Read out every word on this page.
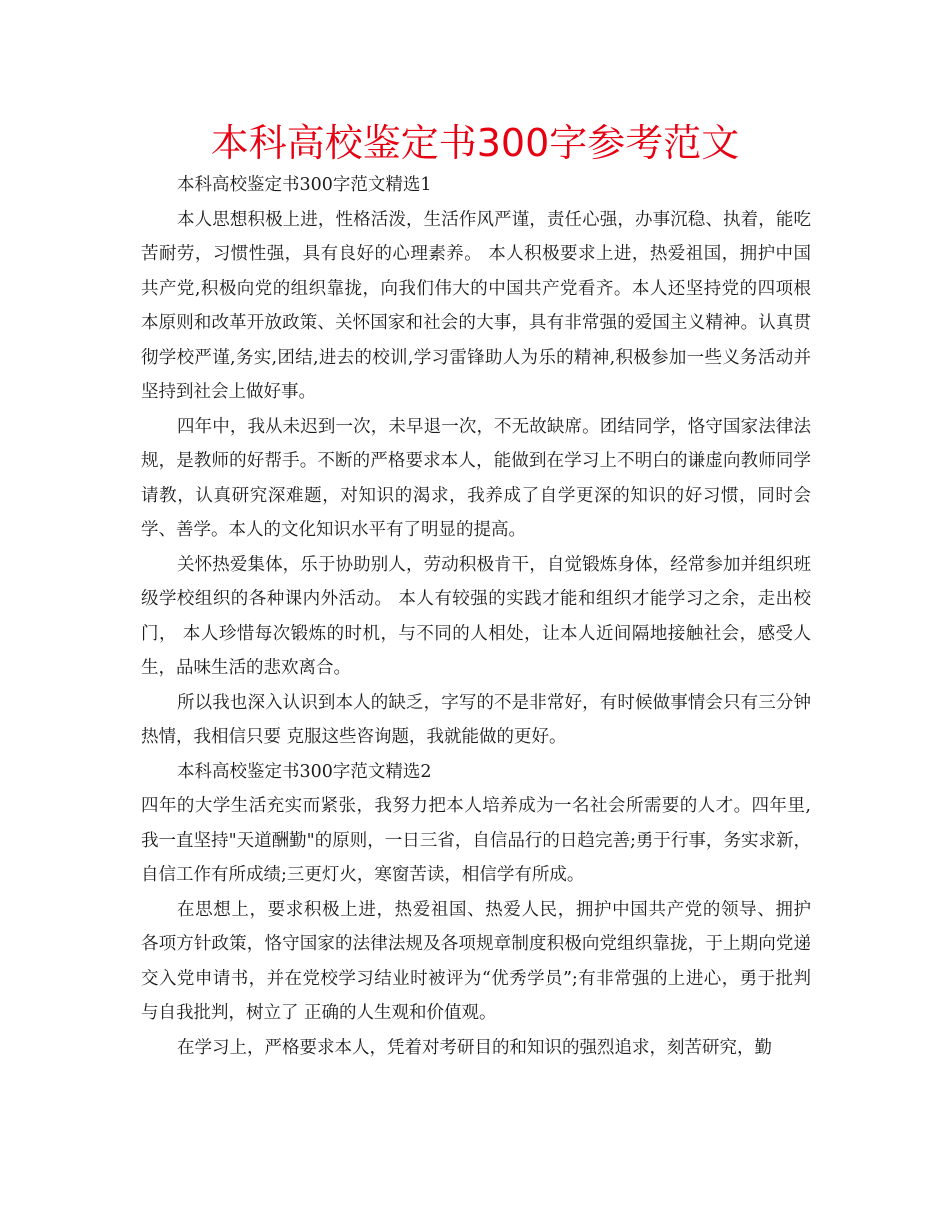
本科高校鉴定书300字参考范文

本科高校鉴定书300字范文精选1

本人思想积极上进，性格活泼，生活作风严谨，责任心强，办事沉稳、执着，能吃苦耐劳，习惯性强，具有良好的心理素养。 本人积极要求上进，热爱祖国，拥护中国共产党,积极向党的组织靠拢，向我们伟大的中国共产党看齐。本人还坚持党的四项根本原则和改革开放政策、关怀国家和社会的大事，具有非常强的爱国主义精神。认真贯彻学校严谨,务实,团结,进去的校训,学习雷锋助人为乐的精神,积极参加一些义务活动并坚持到社会上做好事。

四年中，我从未迟到一次，未早退一次，不无故缺席。团结同学，恪守国家法律法规，是教师的好帮手。不断的严格要求本人，能做到在学习上不明白的谦虚向教师同学请教，认真研究深难题，对知识的渴求，我养成了自学更深的知识的好习惯，同时会学、善学。本人的文化知识水平有了明显的提高。

关怀热爱集体，乐于协助别人，劳动积极肯干，自觉锻炼身体，经常参加并组织班级学校组织的各种课内外活动。 本人有较强的实践才能和组织才能学习之余，走出校门， 本人珍惜每次锻炼的时机，与不同的人相处，让本人近间隔地接触社会，感受人生，品味生活的悲欢离合。

所以我也深入认识到本人的缺乏，字写的不是非常好，有时候做事情会只有三分钟热情，我相信只要 克服这些咨询题，我就能做的更好。

本科高校鉴定书300字范文精选2

四年的大学生活充实而紧张，我努力把本人培养成为一名社会所需要的人才。四年里,我一直坚持"天道酬勤"的原则，一日三省，自信品行的日趋完善;勇于行事，务实求新，自信工作有所成绩;三更灯火，寒窗苦读，相信学有所成。

在思想上，要求积极上进，热爱祖国、热爱人民，拥护中国共产党的领导、拥护 各项方针政策，恪守国家的法律法规及各项规章制度积极向党组织靠拢，于上期向党递交入党申请书，并在党校学习结业时被评为“优秀学员”;有非常强的上进心，勇于批判与自我批判，树立了 正确的人生观和价值观。

在学习上，严格要求本人，凭着对考研目的和知识的强烈追求，刻苦研究，勤
